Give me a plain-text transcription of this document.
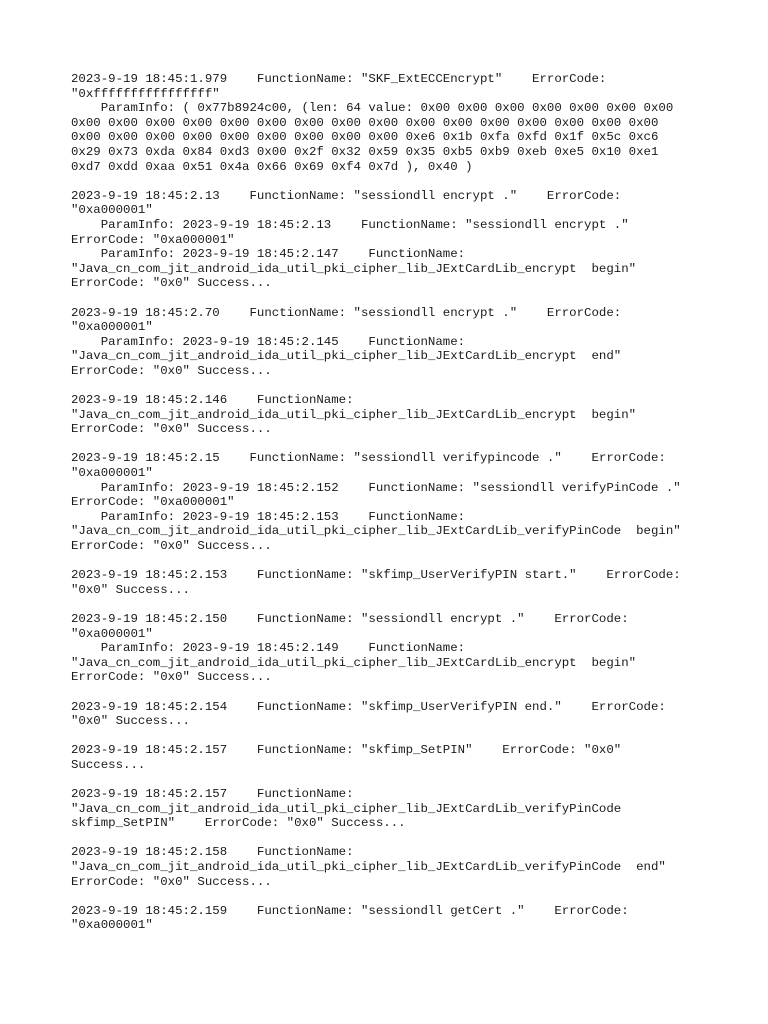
2023-9-19 18:45:1.979    FunctionName: "SKF_ExtECCEncrypt"    ErrorCode:
"0xffffffffffffffff"
ParamInfo: ( 0x77b8924c00, (len: 64 value: 0x00 0x00 0x00 0x00 0x00 0x00 0x00
0x00 0x00 0x00 0x00 0x00 0x00 0x00 0x00 0x00 0x00 0x00 0x00 0x00 0x00 0x00 0x00
0x00 0x00 0x00 0x00 0x00 0x00 0x00 0x00 0x00 0xe6 0x1b 0xfa 0xfd 0x1f 0x5c 0xc6
0x29 0x73 0xda 0x84 0xd3 0x00 0x2f 0x32 0x59 0x35 0xb5 0xb9 0xeb 0xe5 0x10 0xe1
0xd7 0xdd 0xaa 0x51 0x4a 0x66 0x69 0xf4 0x7d ), 0x40 )
2023-9-19 18:45:2.13    FunctionName: "sessiondll encrypt ."    ErrorCode:
"0xa000001"
ParamInfo: 2023-9-19 18:45:2.13    FunctionName: "sessiondll encrypt ."
ErrorCode: "0xa000001"
ParamInfo: 2023-9-19 18:45:2.147    FunctionName:
"Java_cn_com_jit_android_ida_util_pki_cipher_lib_JExtCardLib_encrypt  begin"
ErrorCode: "0x0" Success...
2023-9-19 18:45:2.70    FunctionName: "sessiondll encrypt ."    ErrorCode:
"0xa000001"
ParamInfo: 2023-9-19 18:45:2.145    FunctionName:
"Java_cn_com_jit_android_ida_util_pki_cipher_lib_JExtCardLib_encrypt  end"
ErrorCode: "0x0" Success...
2023-9-19 18:45:2.146    FunctionName:
"Java_cn_com_jit_android_ida_util_pki_cipher_lib_JExtCardLib_encrypt  begin"
ErrorCode: "0x0" Success...
2023-9-19 18:45:2.15    FunctionName: "sessiondll verifypincode ."    ErrorCode:
"0xa000001"
ParamInfo: 2023-9-19 18:45:2.152    FunctionName: "sessiondll verifyPinCode ."
ErrorCode: "0xa000001"
ParamInfo: 2023-9-19 18:45:2.153    FunctionName:
"Java_cn_com_jit_android_ida_util_pki_cipher_lib_JExtCardLib_verifyPinCode  begin"
ErrorCode: "0x0" Success...
2023-9-19 18:45:2.153    FunctionName: "skfimp_UserVerifyPIN start."    ErrorCode:
"0x0" Success...
2023-9-19 18:45:2.150    FunctionName: "sessiondll encrypt ."    ErrorCode:
"0xa000001"
ParamInfo: 2023-9-19 18:45:2.149    FunctionName:
"Java_cn_com_jit_android_ida_util_pki_cipher_lib_JExtCardLib_encrypt  begin"
ErrorCode: "0x0" Success...
2023-9-19 18:45:2.154    FunctionName: "skfimp_UserVerifyPIN end."    ErrorCode:
"0x0" Success...
2023-9-19 18:45:2.157    FunctionName: "skfimp_SetPIN"    ErrorCode: "0x0"
Success...
2023-9-19 18:45:2.157    FunctionName:
"Java_cn_com_jit_android_ida_util_pki_cipher_lib_JExtCardLib_verifyPinCode
skfimp_SetPIN"    ErrorCode: "0x0" Success...
2023-9-19 18:45:2.158    FunctionName:
"Java_cn_com_jit_android_ida_util_pki_cipher_lib_JExtCardLib_verifyPinCode  end"
ErrorCode: "0x0" Success...
2023-9-19 18:45:2.159    FunctionName: "sessiondll getCert ."    ErrorCode:
"0xa000001"
